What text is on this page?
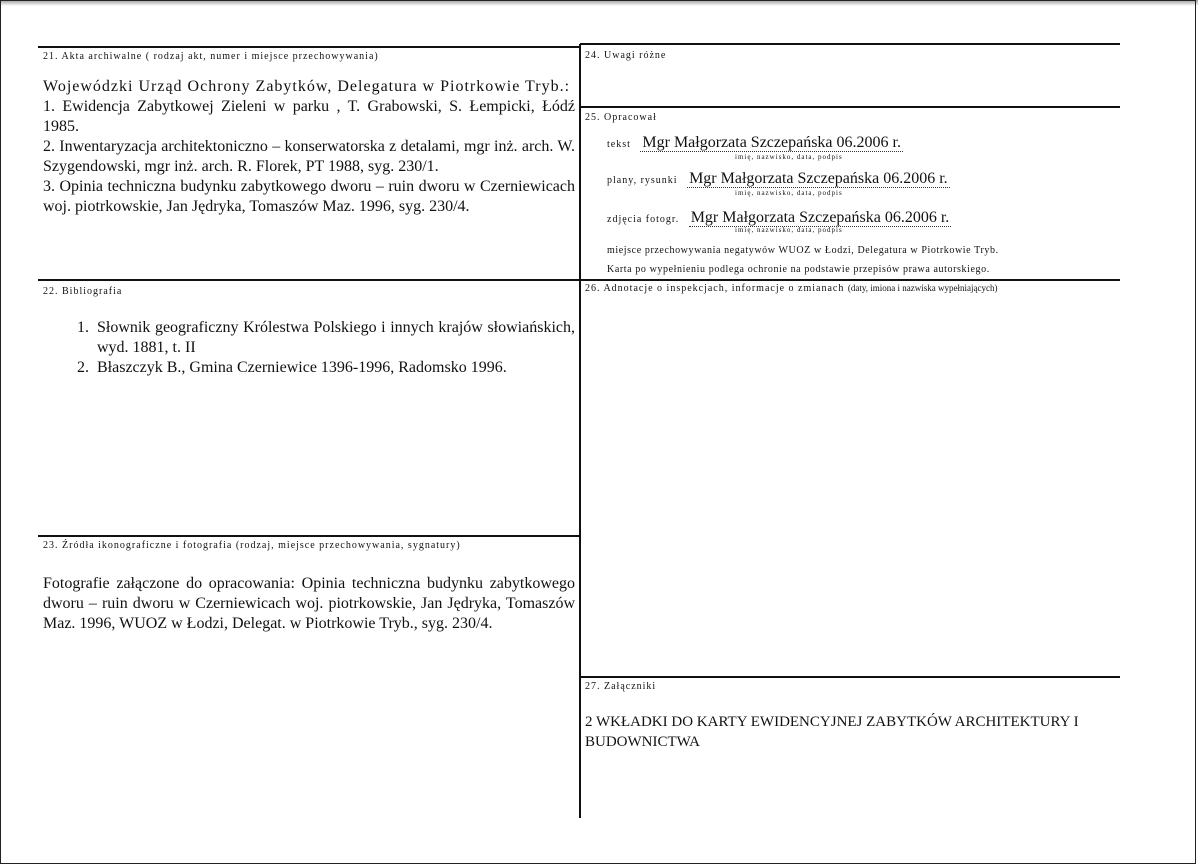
21. Akta archiwalne ( rodzaj akt, numer i miejsce przechowywania)

Wojewódzki Urząd Ochrony Zabytków, Delegatura w Piotrkowie Tryb.:

1. Ewidencja Zabytkowej Zieleni w parku , T. Grabowski, S. Łempicki, Łódź 1985.

2. Inwentaryzacja architektoniczno – konserwatorska z detalami, mgr inż. arch. W. Szygendowski, mgr inż. arch. R. Florek, PT 1988, syg. 230/1.

3. Opinia techniczna budynku zabytkowego dworu – ruin dworu w Czerniewicach woj. piotrkowskie, Jan Jędryka, Tomaszów Maz. 1996, syg. 230/4.

22. Bibliografia
1. Słownik geograficzny Królestwa Polskiego i innych krajów słowiańskich, wyd. 1881, t. II
2. Błaszczyk B., Gmina Czerniewice 1396-1996, Radomsko 1996.
23. Źródła ikonograficzne i fotografia (rodzaj, miejsce przechowywania, sygnatury)
Fotografie załączone do opracowania: Opinia techniczna budynku zabytkowego dworu – ruin dworu w Czerniewicach woj. piotrkowskie, Jan Jędryka, Tomaszów Maz. 1996, WUOZ w Łodzi, Delegat. w Piotrkowie Tryb., syg. 230/4.
24. Uwagi różne
25. Opracował
tekst Mgr Małgorzata Szczepańska 06.2006 r.
imię, nazwisko, data, podpis
plany, rysunki Mgr Małgorzata Szczepańska 06.2006 r.
imię, nazwisko, data, podpis
zdjęcia fotogr. Mgr Małgorzata Szczepańska 06.2006 r.
imię, nazwisko, data, podpis
miejsce przechowywania negatywów WUOZ w Łodzi, Delegatura w Piotrkowie Tryb.
Karta po wypełnieniu podlega ochronie na podstawie przepisów prawa autorskiego.
26. Adnotacje o inspekcjach, informacje o zmianach (daty, imiona i nazwiska wypełniających)
27. Załączniki
2 WKŁADKI DO KARTY EWIDENCYJNEJ ZABYTKÓW ARCHITEKTURY I BUDOWNICTWA
